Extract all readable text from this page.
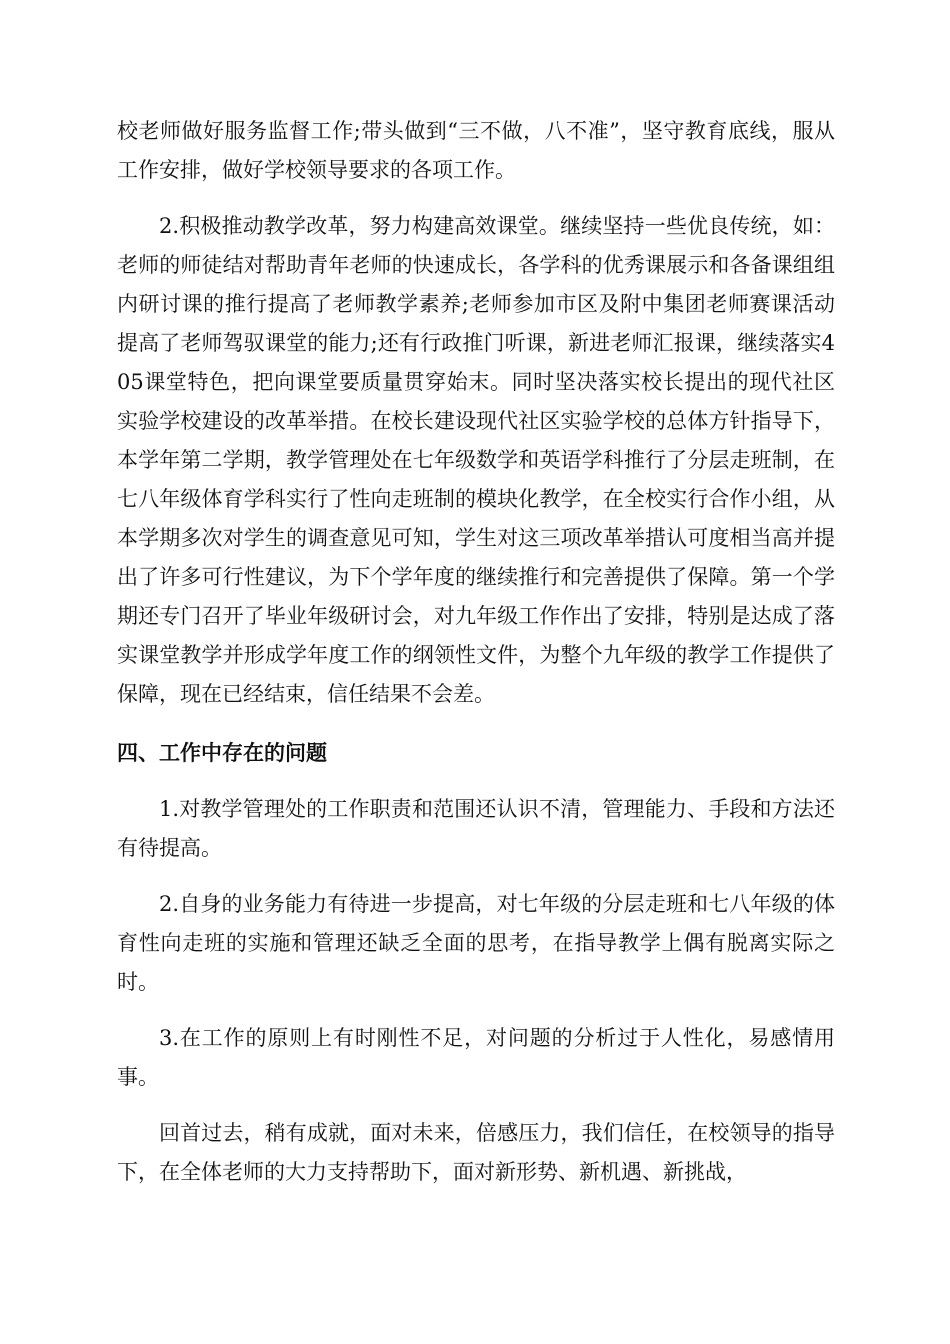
校老师做好服务监督工作;带头做到“三不做，八不准”，坚守教育底线，服从工作安排，做好学校领导要求的各项工作。

2.积极推动教学改革，努力构建高效课堂。继续坚持一些优良传统，如：老师的师徒结对帮助青年老师的快速成长，各学科的优秀课展示和各备课组组内研讨课的推行提高了老师教学素养;老师参加市区及附中集团老师赛课活动提高了老师驾驭课堂的能力;还有行政推门听课，新进老师汇报课，继续落实405课堂特色，把向课堂要质量贯穿始末。同时坚决落实校长提出的现代社区实验学校建设的改革举措。在校长建设现代社区实验学校的总体方针指导下，本学年第二学期，教学管理处在七年级数学和英语学科推行了分层走班制，在七八年级体育学科实行了性向走班制的模块化教学，在全校实行合作小组，从本学期多次对学生的调查意见可知，学生对这三项改革举措认可度相当高并提出了许多可行性建议，为下个学年度的继续推行和完善提供了保障。第一个学期还专门召开了毕业年级研讨会，对九年级工作作出了安排，特别是达成了落实课堂教学并形成学年度工作的纲领性文件，为整个九年级的教学工作提供了保障，现在已经结束，信任结果不会差。

四、工作中存在的问题

1.对教学管理处的工作职责和范围还认识不清，管理能力、手段和方法还有待提高。

2.自身的业务能力有待进一步提高，对七年级的分层走班和七八年级的体育性向走班的实施和管理还缺乏全面的思考，在指导教学上偶有脱离实际之时。

3.在工作的原则上有时刚性不足，对问题的分析过于人性化，易感情用事。

回首过去，稍有成就，面对未来，倍感压力，我们信任，在校领导的指导下，在全体老师的大力支持帮助下，面对新形势、新机遇、新挑战，
